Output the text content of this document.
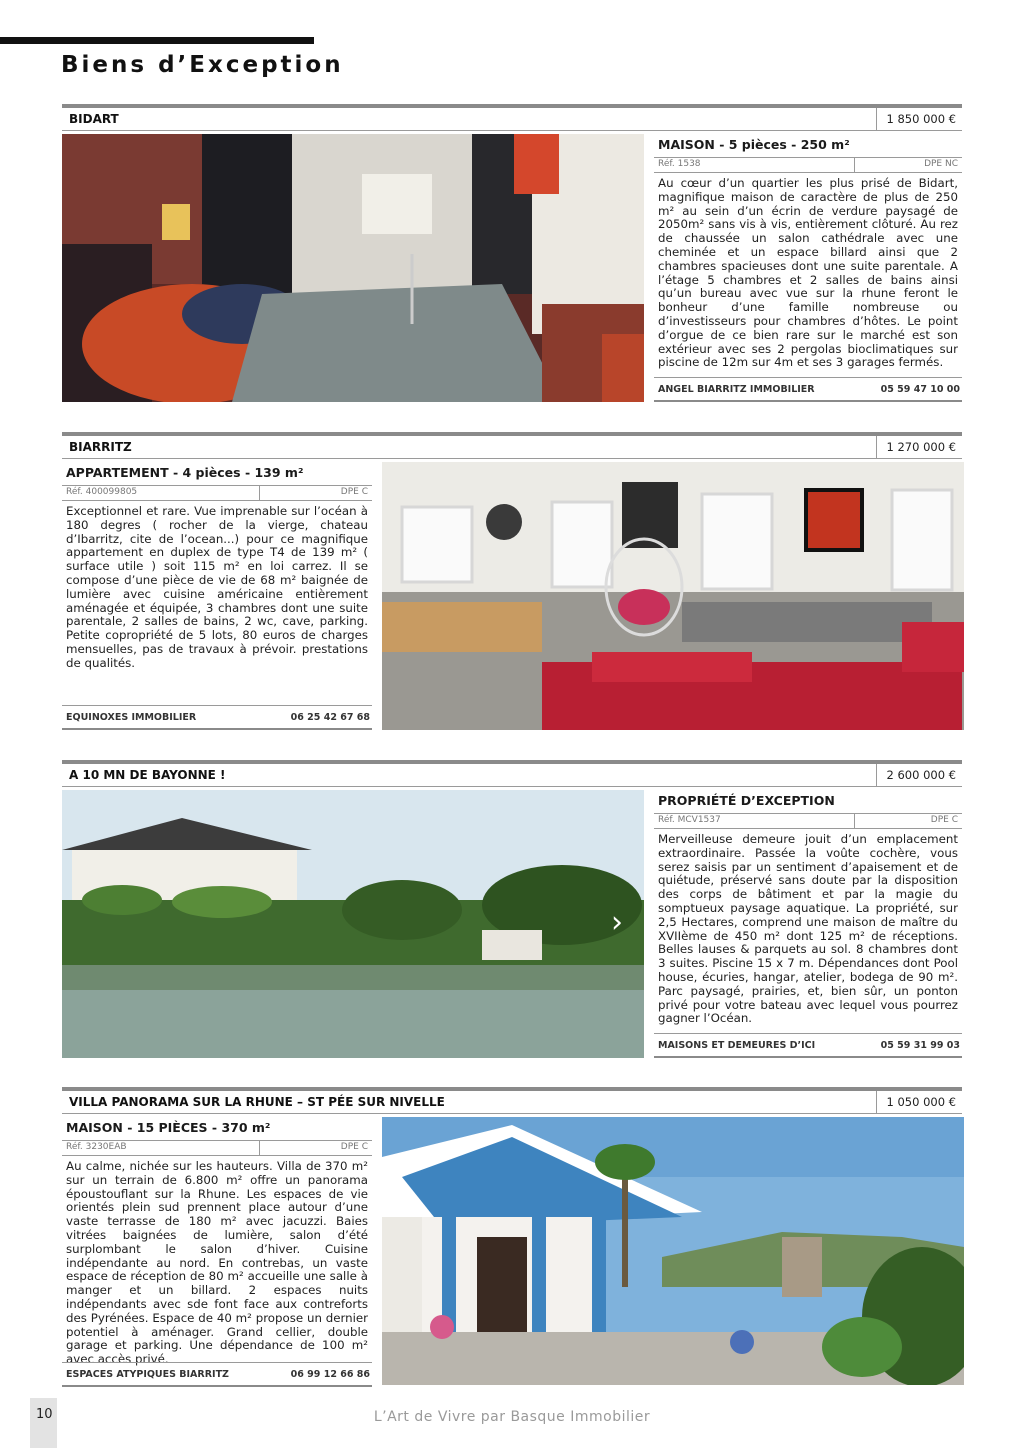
Biens d’Exception
BIDART	1 850 000 €
MAISON - 5 pièces - 250 m²
Réf. 1538	DPE NC
Au cœur d’un quartier les plus prisé de Bidart, magnifique maison de caractère de plus de 250 m² au sein d’un écrin de verdure paysagé de 2050m² sans vis à vis, entièrement clôturé. Au rez de chaussée un salon cathédrale avec une cheminée et un espace billard ainsi que 2 chambres spacieuses dont une suite parentale. A l’étage 5 chambres et 2 salles de bains ainsi qu’un bureau avec vue sur la rhune feront le bonheur d’une famille nombreuse ou d’investisseurs pour chambres d’hôtes. Le point d’orgue de ce bien rare sur le marché est son extérieur avec ses 2 pergolas bioclimatiques sur piscine de 12m sur 4m et ses 3 garages fermés.
ANGEL BIARRITZ IMMOBILIER	05 59 47 10 00
BIARRITZ	1 270 000 €
APPARTEMENT - 4 pièces - 139 m²
Réf. 400099805	DPE C
Exceptionnel et rare. Vue imprenable sur l’océan à 180 degres ( rocher de la vierge, chateau d’Ibarritz, cite de l’ocean...) pour ce magnifique appartement en duplex de type T4 de 139 m² ( surface utile ) soit 115 m² en loi carrez. Il se compose d’une pièce de vie de 68 m² baignée de lumière avec cuisine américaine entièrement aménagée et équipée, 3 chambres dont une suite parentale, 2 salles de bains, 2 wc, cave, parking. Petite copropriété de 5 lots, 80 euros de charges mensuelles, pas de travaux à prévoir. prestations de qualités.
EQUINOXES IMMOBILIER	06 25 42 67 68
A 10 MN DE BAYONNE !	2 600 000 €
›
PROPRIÉTÉ D’EXCEPTION
Réf. MCV1537	DPE C
Merveilleuse demeure jouit d’un emplacement extraordinaire. Passée la voûte cochère, vous serez saisis par un sentiment d’apaisement et de quiétude, préservé sans doute par la disposition des corps de bâtiment et par la magie du somptueux paysage aquatique. La propriété, sur 2,5 Hectares, comprend une maison de maître du XVIIème de 450 m² dont 125 m² de réceptions. Belles lauses & parquets au sol. 8 chambres dont 3 suites. Piscine 15 x 7 m. Dépendances dont Pool house, écuries, hangar, atelier, bodega de 90 m². Parc paysagé, prairies, et, bien sûr, un ponton privé pour votre bateau avec lequel vous pourrez gagner l’Océan.
MAISONS ET DEMEURES D’ICI	05 59 31 99 03
VILLA PANORAMA SUR LA RHUNE – ST PÉE SUR NIVELLE	1 050 000 €
MAISON - 15 PIÈCES - 370 m²
Réf. 3230EAB	DPE C
Au calme, nichée sur les hauteurs. Villa de 370 m² sur un terrain de 6.800 m² offre un panorama époustouflant sur la Rhune. Les espaces de vie orientés plein sud prennent place autour d’une vaste terrasse de 180 m² avec jacuzzi. Baies vitrées baignées de lumière, salon d’été surplombant le salon d’hiver. Cuisine indépendante au nord. En contrebas, un vaste espace de réception de 80 m² accueille une salle à manger et un billard. 2 espaces nuits indépendants avec sde font face aux contreforts des Pyrénées. Espace de 40 m² propose un dernier potentiel à aménager. Grand cellier, double garage et parking. Une dépendance de 100 m² avec accès privé.
ESPACES ATYPIQUES BIARRITZ	06 99 12 66 86
10	L’Art de Vivre par Basque Immobilier
